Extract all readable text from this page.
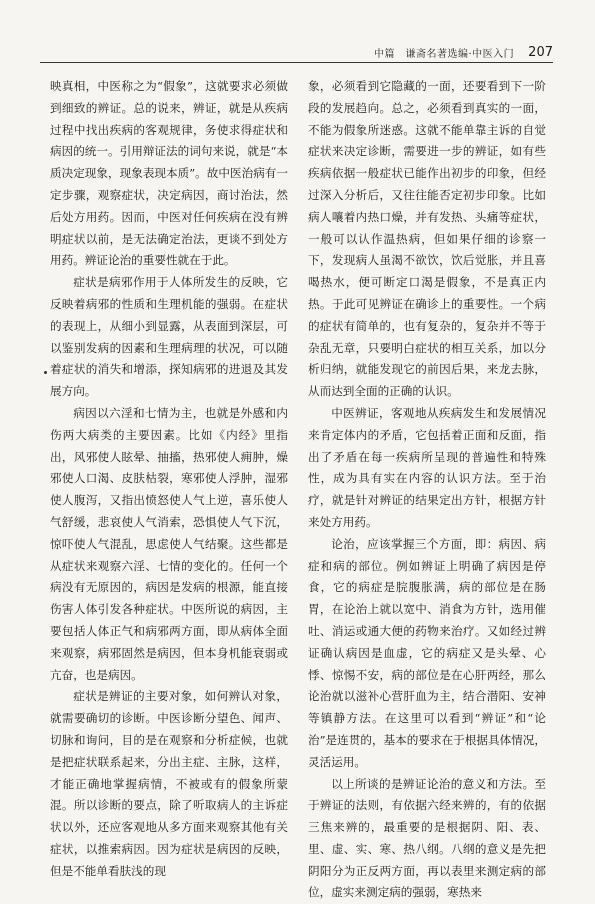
中篇　谦斋名著选编·中医入门 207

映真相，中医称之为“假象”，这就要求必须做到细致的辨证。总的说来，辨证，就是从疾病过程中找出疾病的客观规律，务使求得症状和病因的统一。引用辩证法的词句来说，就是“本质决定现象，现象表现本质”。故中医治病有一定步骤，观察症状，决定病因，商讨治法，然后处方用药。因而，中医对任何疾病在没有辨明症状以前，是无法确定治法，更谈不到处方用药。辨证论治的重要性就在于此。

症状是病邪作用于人体所发生的反映，它反映着病邪的性质和生理机能的强弱。在症状的表现上，从细小到显露，从表面到深层，可以鉴别发病的因素和生理病理的状况，可以随着症状的消失和增添，探知病邪的进退及其发展方向。

病因以六淫和七情为主，也就是外感和内伤两大病类的主要因素。比如《内经》里指出，风邪使人眩晕、抽搐，热邪使人痈肿，燥邪使人口渴、皮肤枯裂，寒邪使人浮肿，湿邪使人腹泻，又指出愤怒使人气上逆，喜乐使人气舒缓，悲哀使人气消索，恐惧使人气下沉，惊吓使人气混乱，思虑使人气结聚。这些都是从症状来观察六淫、七情的变化的。任何一个病没有无原因的，病因是发病的根源，能直接伤害人体引发各种症状。中医所说的病因，主要包括人体正气和病邪两方面，即从病体全面来观察，病邪固然是病因，但本身机能衰弱或亢奋，也是病因。

症状是辨证的主要对象，如何辨认对象，就需要确切的诊断。中医诊断分望色、闻声、切脉和询问，目的是在观察和分析症候，也就是把症状联系起来，分出主症、主脉，这样，才能正确地掌握病情，不被或有的假象所蒙混。所以诊断的要点，除了听取病人的主诉症状以外，还应客观地从多方面来观察其他有关症状，以推索病因。因为症状是病因的反映，但是不能单看肤浅的现

象，必须看到它隐藏的一面，还要看到下一阶段的发展趋向。总之，必须看到真实的一面，不能为假象所迷惑。这就不能单靠主诉的自觉症状来决定诊断，需要进一步的辨证，如有些疾病依据一般症状已能作出初步的印象，但经过深入分析后，又往往能否定初步印象。比如病人嚷着内热口燥，并有发热、头痛等症状，一般可以认作温热病，但如果仔细的诊察一下，发现病人虽渴不欲饮，饮后觉胀，并且喜喝热水，便可断定口渴是假象，不是真正内热。于此可见辨证在确诊上的重要性。一个病的症状有简单的，也有复杂的，复杂并不等于杂乱无章，只要明白症状的相互关系，加以分析归纳，就能发现它的前因后果，来龙去脉，从而达到全面的正确的认识。

中医辨证，客观地从疾病发生和发展情况来肯定体内的矛盾，它包括着正面和反面，指出了矛盾在每一疾病所呈现的普遍性和特殊性，成为具有实在内容的认识方法。至于治疗，就是针对辨证的结果定出方针，根据方针来处方用药。

论治，应该掌握三个方面，即：病因、病症和病的部位。例如辨证上明确了病因是停食，它的病症是脘腹胀满，病的部位是在肠胃，在论治上就以宽中、消食为方针，选用催吐、消运或通大便的药物来治疗。又如经过辨证确认病因是血虚，它的病症又是头晕、心悸、惊惕不安，病的部位是在心肝两经，那么论治就以滋补心营肝血为主，结合潜阳、安神等镇静方法。在这里可以看到“辨证”和“论治”是连贯的，基本的要求在于根据具体情况，灵活运用。

以上所谈的是辨证论治的意义和方法。至于辨证的法则，有依据六经来辨的，有的依据三焦来辨的，最重要的是根据阴、阳、表、里、虚、实、寒、热八纲。八纲的意义是先把阴阳分为正反两方面，再以表里来测定病的部位，虚实来测定病的强弱，寒热来
